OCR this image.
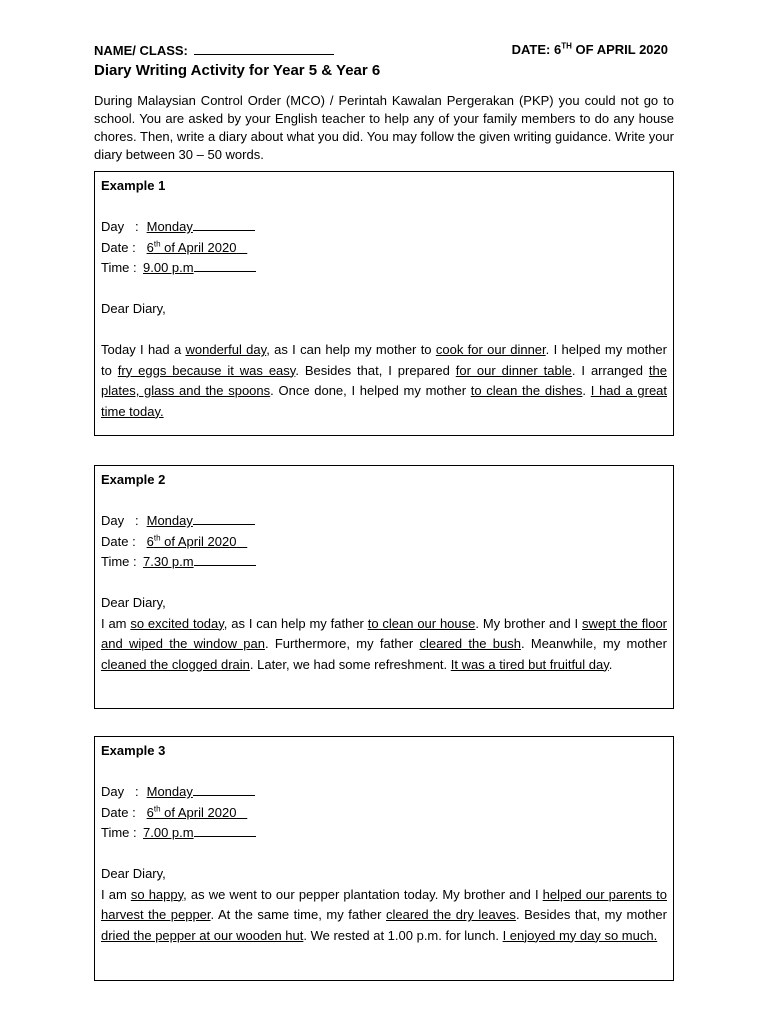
NAME/ CLASS:	DATE: 6TH OF APRIL 2020
Diary Writing Activity for Year 5 & Year 6
During Malaysian Control Order (MCO) / Perintah Kawalan Pergerakan (PKP) you could not go to school. You are asked by your English teacher to help any of your family members to do any house chores. Then, write a diary about what you did. You may follow the given writing guidance. Write your diary between 30 – 50 words.
Example 1
Day   : Monday
Date : 6th of April 2020
Time : 9.00 p.m
Dear Diary,
Today I had a wonderful day, as I can help my mother to cook for our dinner. I helped my mother to fry eggs because it was easy. Besides that, I prepared for our dinner table. I arranged the plates, glass and the spoons. Once done, I helped my mother to clean the dishes. I had a great time today.
Example 2
Day   : Monday
Date : 6th of April 2020
Time : 7.30 p.m
Dear Diary,
I am so excited today, as I can help my father to clean our house. My brother and I swept the floor and wiped the window pan. Furthermore, my father cleared the bush. Meanwhile, my mother cleaned the clogged drain. Later, we had some refreshment. It was a tired but fruitful day.
Example 3
Day   : Monday
Date : 6th of April 2020
Time : 7.00 p.m
Dear Diary,
I am so happy, as we went to our pepper plantation today. My brother and I helped our parents to harvest the pepper. At the same time, my father cleared the dry leaves. Besides that, my mother dried the pepper at our wooden hut. We rested at 1.00 p.m. for lunch. I enjoyed my day so much.
